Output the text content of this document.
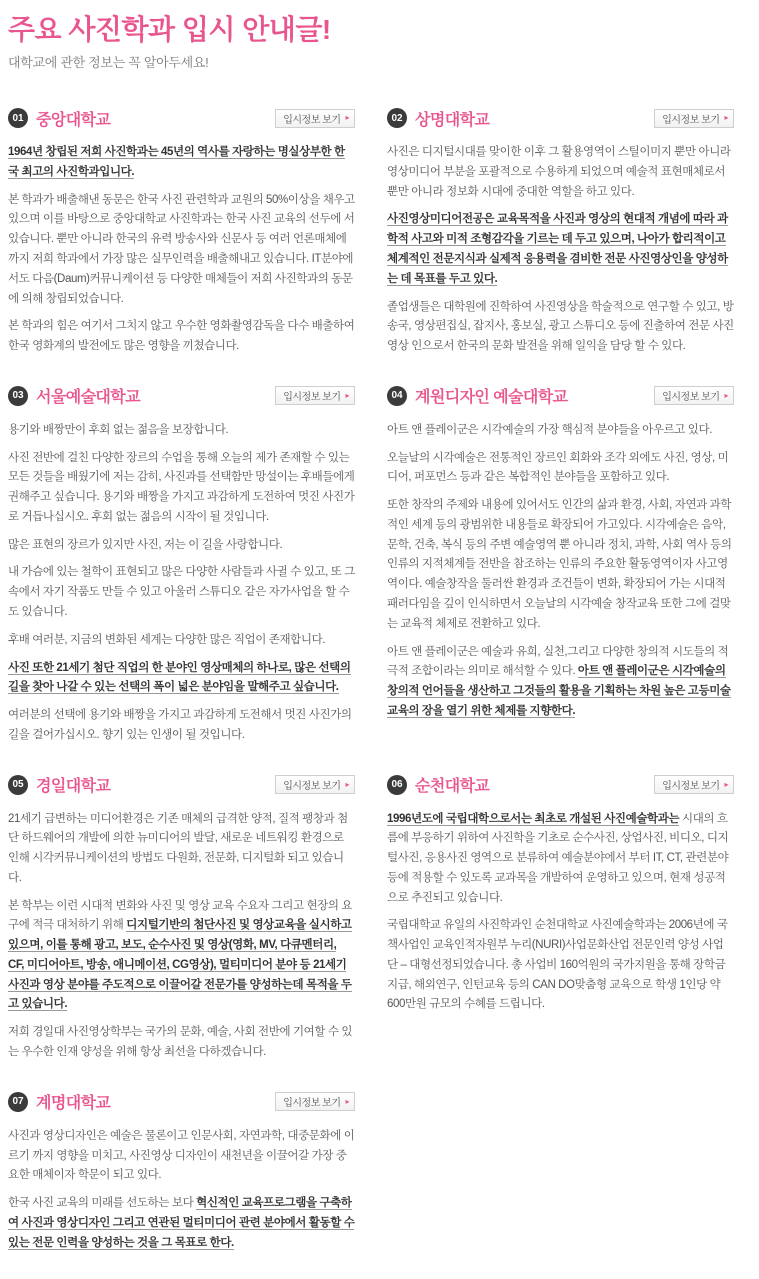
주요 사진학과 입시 안내글!

대학교에 관한 정보는 꼭 알아두세요!

01 중앙대학교	입시정보 보기 ▸

1964년 창립된 저희 사진학과는 45년의 역사를 자랑하는 명실상부한 한국 최고의 사진학과입니다.

본 학과가 배출해낸 동문은 한국 사진 관련학과 교원의 50%이상을 채우고 있으며 이를 바탕으로 중앙대학교 사진학과는 한국 사진 교육의 선두에 서있습니다. 뿐만 아니라 한국의 유력 방송사와 신문사 등 여러 언론매체에까지 저희 학과에서 가장 많은 실무인력을 배출해내고 있습니다. IT분야에서도 다음(Daum)커뮤니케이션 등 다양한 매체들이 저희 사진학과의 동문에 의해 창립되었습니다.

본 학과의 힘은 여기서 그치지 않고 우수한 영화촬영감독을 다수 배출하여 한국 영화계의 발전에도 많은 영향을 끼쳤습니다.

02 상명대학교	입시정보 보기 ▸

사진은 디지털시대를 맞이한 이후 그 활용영역이 스틸이미지 뿐만 아니라 영상미디어 부분을 포괄적으로 수용하게 되었으며 예술적 표현매체로서 뿐만 아니라 정보화 시대에 중대한 역할을 하고 있다.

사진영상미디어전공은 교육목적을 사진과 영상의 현대적 개념에 따라 과학적 사고와 미적 조형감각을 기르는 데 두고 있으며, 나아가 합리적이고 체계적인 전문지식과 실제적 응용력을 겸비한 전문 사진영상인을 양성하는 데 목표를 두고 있다.

졸업생들은 대학원에 진학하여 사진영상을 학술적으로 연구할 수 있고, 방송국, 영상편집실, 잡지사, 홍보실, 광고 스튜디오 등에 진출하여 전문 사진영상 인으로서 한국의 문화 발전을 위해 일익을 담당 할 수 있다.

03 서울예술대학교	입시정보 보기 ▸

용기와 배짱만이 후회 없는 젊음을 보장합니다.

사진 전반에 걸친 다양한 장르의 수업을 통해 오늘의 제가 존재할 수 있는 모든 것들을 배웠기에 저는 감히, 사진과를 선택함만 망설이는 후배들에게 권해주고 싶습니다. 용기와 배짱을 가지고 과감하게 도전하여 멋진 사진가로 거듭나십시오. 후회 없는 젊음의 시작이 될 것입니다.

많은 표현의 장르가 있지만 사진, 저는 이 길을 사랑합니다.

내 가슴에 있는 철학이 표현되고 많은 다양한 사람들과 사귈 수 있고, 또 그 속에서 자기 작품도 만들 수 있고 아울러 스튜디오 같은 자가사업을 할 수도 있습니다.

후배 여러분, 지금의 변화된 세계는 다양한 많은 직업이 존재합니다.

사진 또한 21세기 첨단 직업의 한 분야인 영상매체의 하나로, 많은 선택의 길을 찾아 나갈 수 있는 선택의 폭이 넓은 분야임을 말해주고 싶습니다.

여러분의 선택에 용기와 배짱을 가지고 과감하게 도전해서 멋진 사진가의 길을 걸어가십시오. 향기 있는 인생이 될 것입니다.

04 계원디자인 예술대학교	입시정보 보기 ▸

아트 앤 플레이군은 시각예술의 가장 핵심적 분야들을 아우르고 있다.

오늘날의 시각예술은 전통적인 장르인 회화와 조각 외에도 사진, 영상, 미디어, 퍼포먼스 등과 같은 복합적인 분야들을 포함하고 있다.

또한 창작의 주제와 내용에 있어서도 인간의 삶과 환경, 사회, 자연과 과학적인 세계 등의 광범위한 내용들로 확장되어 가고있다. 시각예술은 음악, 문학, 건축, 복식 등의 주변 예술영역 뿐 아니라 정치, 과학, 사회 역사 등의 인류의 지적체계들 전반을 참조하는 인류의 주요한 활동영역이자 사고영역이다. 예술창작을 둘러싼 환경과 조건들이 변화, 확장되어 가는 시대적 패러다임을 깊이 인식하면서 오늘날의 시각예술 창작교육 또한 그에 걸맞는 교육적 체제로 전환하고 있다.

아트 앤 플레이군은 예술과 유희, 실천,그리고 다양한 창의적 시도들의 적극적 조합이라는 의미로 해석할 수 있다. 아트 앤 플레이군은 시각예술의 창의적 언어들을 생산하고 그것들의 활용을 기획하는 차원 높은 고등미술교육의 장을 열기 위한 체제를 지향한다.

05 경일대학교	입시정보 보기 ▸

21세기 급변하는 미디어환경은 기존 매체의 급격한 양적, 질적 팽창과 첨단 하드웨어의 개발에 의한 뉴미디어의 발달, 새로운 네트워킹 환경으로 인해 시각커뮤니케이션의 방법도 다원화, 전문화, 디지털화 되고 있습니다.

본 학부는 이런 시대적 변화와 사진 및 영상 교육 수요자 그리고 현장의 요구에 적극 대처하기 위해 디지털기반의 첨단사진 및 영상교육을 실시하고 있으며, 이를 통해 광고, 보도, 순수사진 및 영상(영화, MV, 다큐멘터리, CF, 미디어아트, 방송, 애니메이션, CG영상), 멀티미디어 분야 등 21세기 사진과 영상 분야를 주도적으로 이끌어갈 전문가를 양성하는데 목적을 두고 있습니다.

저희 경일대 사진영상학부는 국가의 문화, 예술, 사회 전반에 기여할 수 있는 우수한 인재 양성을 위해 항상 최선을 다하겠습니다.

06 순천대학교	입시정보 보기 ▸

1996년도에 국립대학으로서는 최초로 개설된 사진예술학과는 시대의 흐름에 부응하기 위하여 사진학을 기초로 순수사진, 상업사진, 비디오, 디지털사진, 응용사진 영역으로 분류하여 예술분야에서 부터 IT, CT, 관련분야 등에 적용할 수 있도록 교과목을 개발하여 운영하고 있으며, 현재 성공적으로 추진되고 있습니다.

국립대학교 유일의 사진학과인 순천대학교 사진예술학과는 2006년에 국책사업인 교육인적자원부 누리(NURI)사업문화산업 전문인력 양성 사업단 – 대형선정되었습니다. 총 사업비 160억원의 국가지원을 통해 장학금 지급, 해외연구, 인턴교육 등의 CAN DO맞춤형 교육으로 학생 1인당 약 600만원 규모의 수혜를 드립니다.

07 계명대학교	입시정보 보기 ▸

사진과 영상디자인은 예술은 물론이고 인문사회, 자연과학, 대중문화에 이르기 까지 영향을 미치고, 사진영상 디자인이 새천년을 이끌어갈 가장 중요한 매체이자 학문이 되고 있다.

한국 사진 교육의 미래를 선도하는 보다 혁신적인 교육프로그램을 구축하여 사진과 영상디자인 그리고 연관된 멀티미디어 관련 분야에서 활동할 수 있는 전문 인력을 양성하는 것을 그 목표로 한다.
